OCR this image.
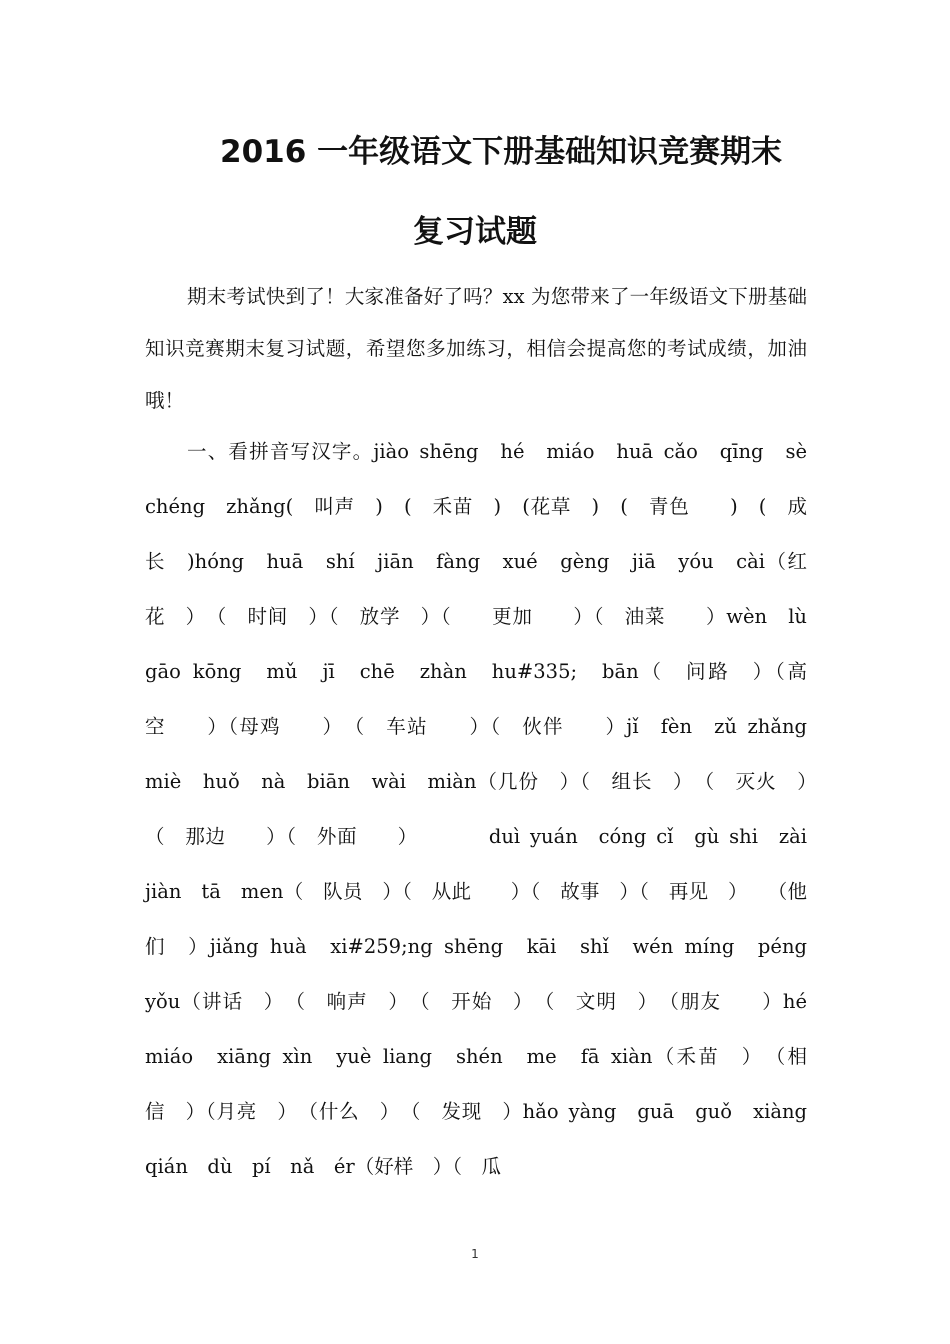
2016 一年级语文下册基础知识竞赛期末
复习试题

期末考试快到了！大家准备好了吗？xx 为您带来了一年级语文下册基础知识竞赛期末复习试题，希望您多加练习，相信会提高您的考试成绩，加油哦！

一、看拼音写汉字。jiào shēng　hé　miáo　huā cǎo　qīng　sè chéng　zhǎng(　叫声　)　(　禾苗　)　(花草　)　(　青色　　)　(　成长　)hóng　huā　shí　jiān　fàng　xué　gèng　jiā　yóu　cài（红花　）　（　时间　）（　放学　）（　　更加　　）（　油菜　　）wèn　lù　gāo kōng　mǔ　jī　chē　zhàn　hu#335;　bān（　问路　）（高空　　）（母鸡　　）　（　车站　　）（　伙伴　　）jǐ　fèn　zǔ zhǎng miè　huǒ　nà　biān　wài　miàn（几份　）（　组长　）　（　灭火　）　（　那边　　）（　外面　　）　　　　duì yuán　cóng cǐ　gù shi　zài　jiàn　tā　men（　队员　）（　从此　　）（　故事　）（　再见　）　　（他们　）jiǎng huà　xi#259;ng shēng　kāi　shǐ　wén míng　péng　yǒu（讲话　）　（　响声　）　（　开始　）　（　文明　）　（朋友　　）hé　miáo　xiāng xìn　yuè liang　shén　me　fā xiàn（禾苗　）　（相信　）（月亮　）　（什么　）　（　发现　）hǎo yàng　guā　guǒ　xiàng　qián　dù　pí　nǎ　ér（好样　）（　瓜

1
